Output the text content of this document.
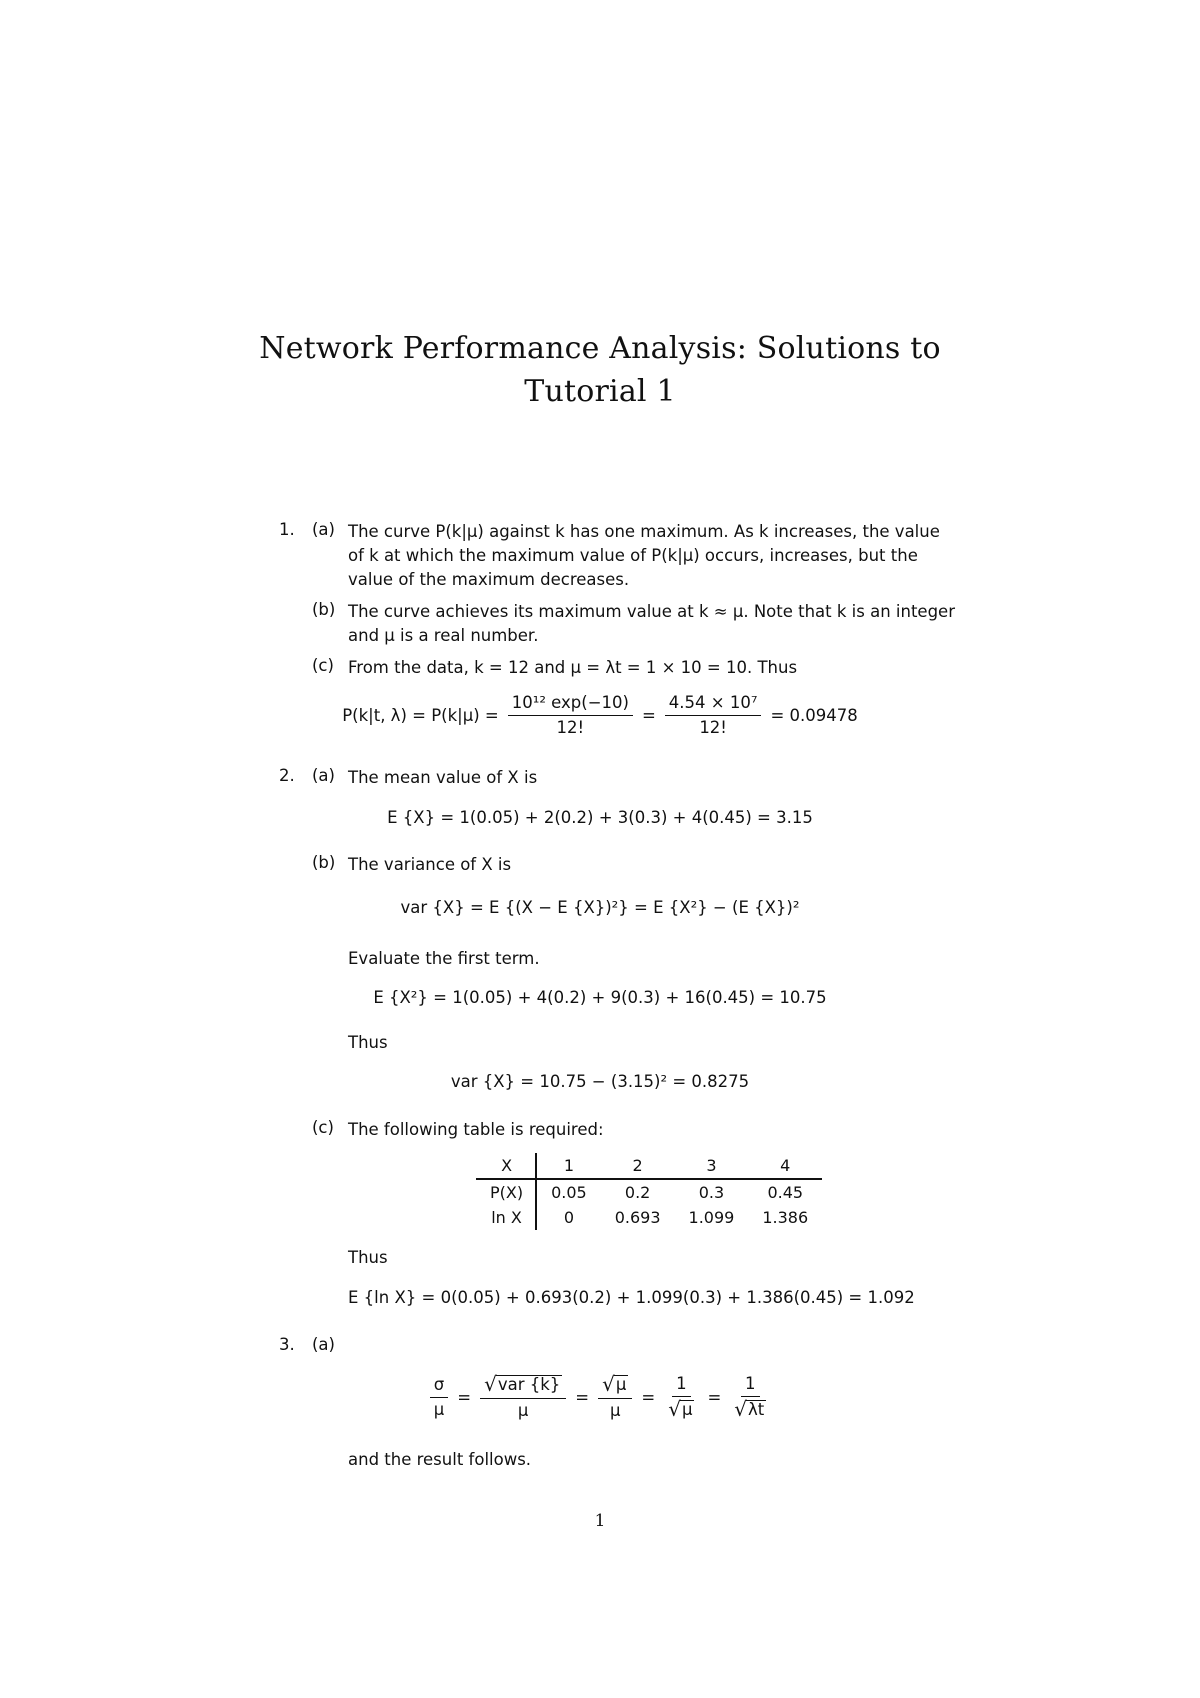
Network Performance Analysis: Solutions to
Tutorial 1
1. (a) The curve P(k|μ) against k has one maximum. As k increases, the value of k at which the maximum value of P(k|μ) occurs, increases, but the value of the maximum decreases.
(b) The curve achieves its maximum value at k ≈ μ. Note that k is an integer and μ is a real number.
(c) From the data, k = 12 and μ = λt = 1 × 10 = 10. Thus
P(k|t, $\lambda) = P(k|\mu) = \frac{\text{10¹² exp(−10)}}{12!} = \frac{\text{4.54 × 10⁷}}{12!} = 0.09478$
2. (a) The mean value of X is
E {X} = 1(0.05) + 2(0.2) + 3(0.3) + 4(0.45) = 3.15
(b) The variance of X is
var {X} = E {(X − E {X})²} = E {X²} − (E {X})²
Evaluate the first term.
E {X²} = 1(0.05) + 4(0.2) + 9(0.3) + 16(0.45) = 10.75
Thus
var {X} = 10.75 − (3.15)² = 0.8275
(c) The following table is required:
X	1	2	3	4
P(X)	0.05	0.2	0.3	0.45
ln X	0	0.693	1.099	1.386
Thus
E {ln X} = 0(0.05) + 0.693(0.2) + 1.099(0.3) + 1.386(0.45) = 1.092
3. (a)
$\frac{\sigma}{\mu} = \frac{\text{√ var \{k\}}}{\mu} = \frac{√ \mu}{\mu} = \frac{1}{√ \mu} = \frac{1}{√ \lambda t}$
and the result follows.
1
